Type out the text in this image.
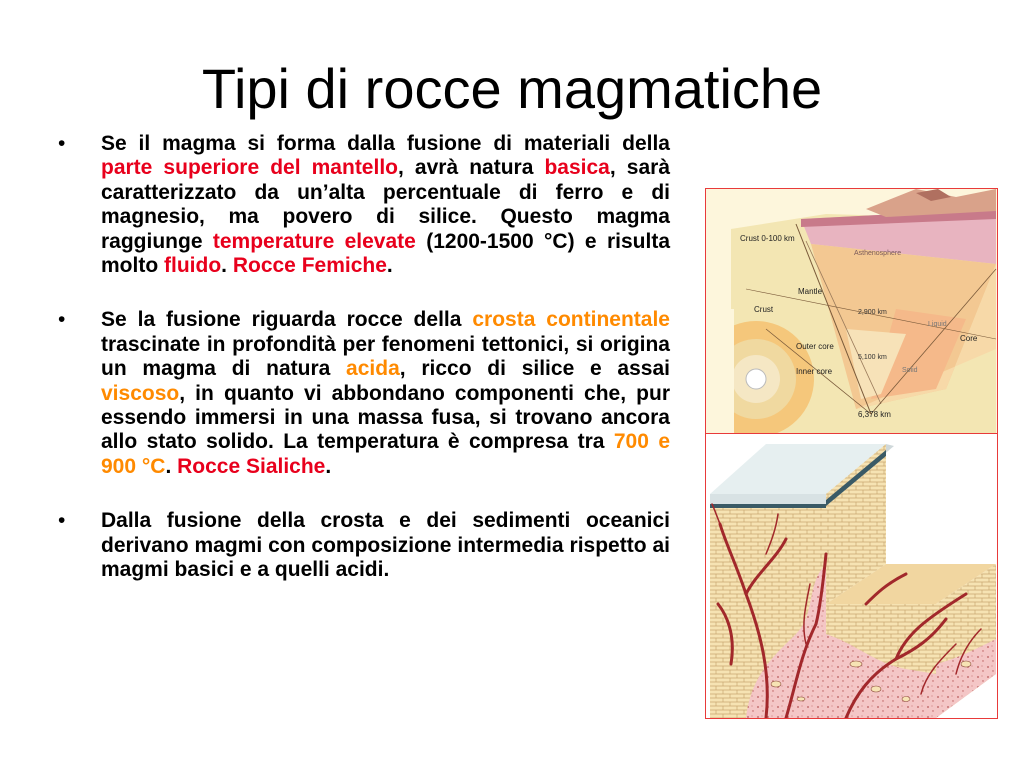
Tipi di rocce magmatiche
• Se il magma si forma dalla fusione di materiali della parte superiore del mantello, avrà natura basica, sarà caratterizzato da un’alta percentuale di ferro e di magnesio, ma povero di silice. Questo magma raggiunge temperature elevate (1200-1500 °C) e risulta molto fluido. Rocce Femiche.
• Se la fusione riguarda rocce della crosta continentale trascinate in profondità per fenomeni tettonici, si origina un magma di natura acida, ricco di silice e assai viscoso, in quanto vi abbondano componenti che, pur essendo immersi in una massa fusa, si trovano ancora allo stato solido. La temperatura è compresa tra 700 e 900 °C. Rocce Sialiche.
• Dalla fusione della crosta e dei sedimenti oceanici derivano magmi con composizione intermedia rispetto ai magmi basici e a quelli acidi.
Crust 0-100 km
Asthenosphere
Mantle
Crust	2,900 km
Liquid
Core
Outer core
5,100 km
Inner core	Solid
6,378 km
